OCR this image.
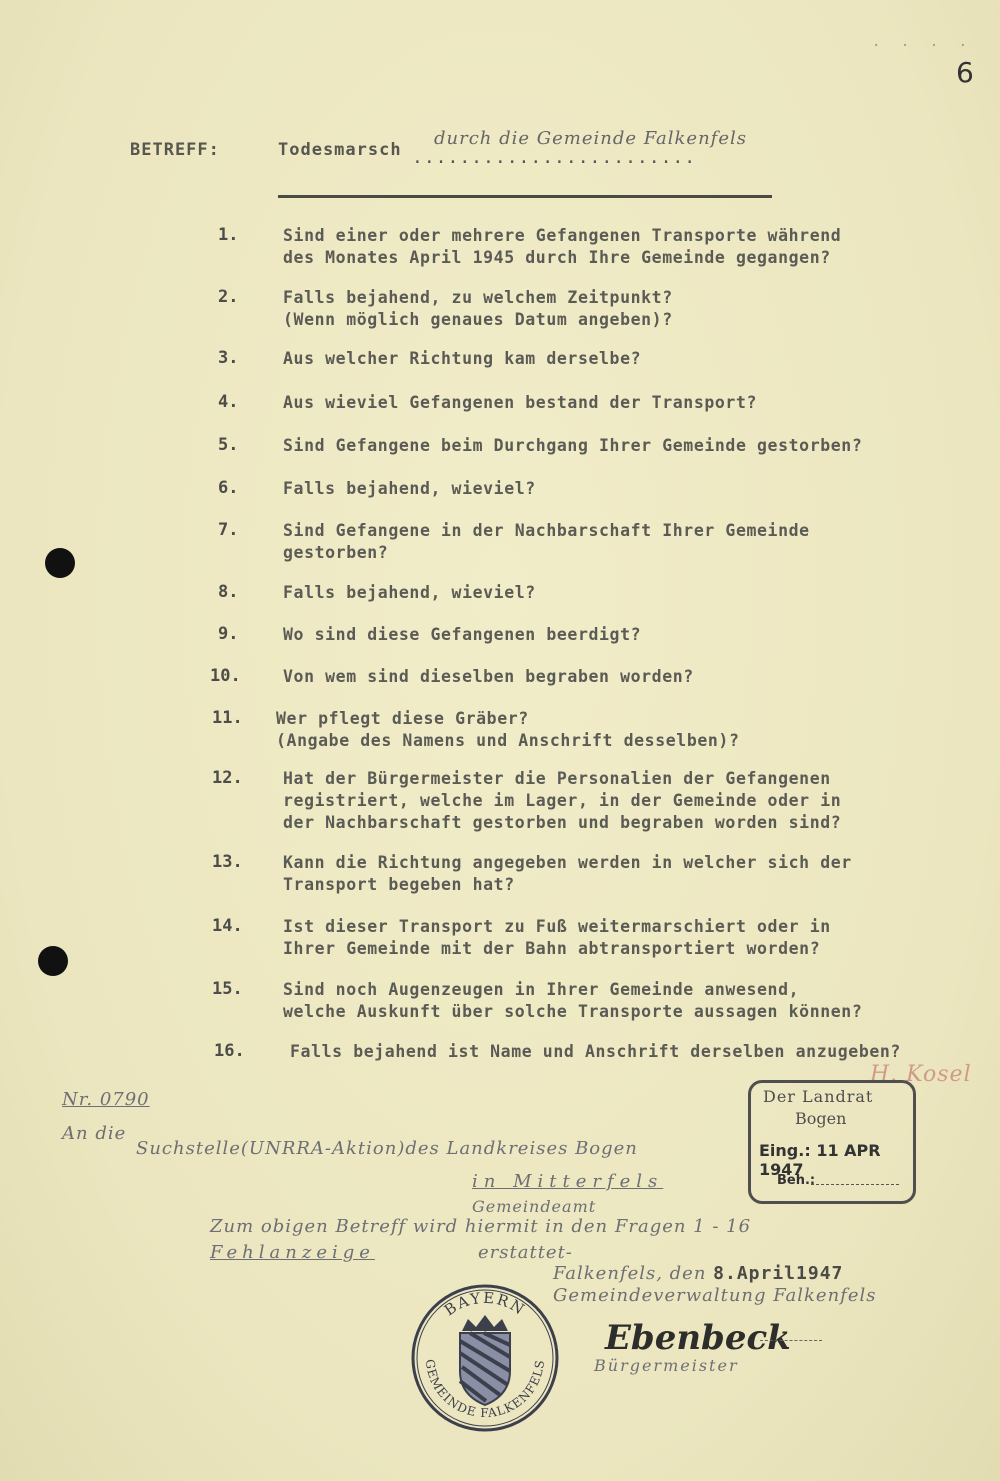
· · · ·
6
BETREFF:	Todesmarsch ........................
durch die Gemeinde Falkenfels
1.	Sind einer oder mehrere Gefangenen Transporte während
des Monates April 1945 durch Ihre Gemeinde gegangen?
2.	Falls bejahend, zu welchem Zeitpunkt?
(Wenn möglich genaues Datum angeben)?
3.	Aus welcher Richtung kam derselbe?
4.	Aus wieviel Gefangenen bestand der Transport?
5.	Sind Gefangene beim Durchgang Ihrer Gemeinde gestorben?
6.	Falls bejahend, wieviel?
7.	Sind Gefangene in der Nachbarschaft Ihrer Gemeinde
gestorben?
8.	Falls bejahend, wieviel?
9.	Wo sind diese Gefangenen beerdigt?
10.	Von wem sind dieselben begraben worden?
11. Wer pflegt diese Gräber?
(Angabe des Namens und Anschrift desselben)?
12. Hat der Bürgermeister die Personalien der Gefangenen
registriert, welche im Lager, in der Gemeinde oder in
der Nachbarschaft gestorben und begraben worden sind?
13. Kann die Richtung angegeben werden in welcher sich der
Transport begeben hat?
14. Ist dieser Transport zu Fuß weitermarschiert oder in
Ihrer Gemeinde mit der Bahn abtransportiert worden?
15. Sind noch Augenzeugen in Ihrer Gemeinde anwesend,
welche Auskunft über solche Transporte aussagen können?
16.	Falls bejahend ist Name und Anschrift derselben anzugeben?
H. Kosel
Nr. 0790
An die
Suchstelle(UNRRA-Aktion)des Landkreises Bogen
in Mitterfels
Gemeindeamt
Zum obigen Betreff wird hiermit in den Fragen 1 - 16
Fehlanzeige	erstattet-
Falkenfels, den 8.April1947
Gemeindeverwaltung Falkenfels
Ebenbeck
Bürgermeister
Der Landrat
Bogen
Eing.: 11 APR 1947
Beh.:
BAYERN
GEMEINDE FALKENFELS
